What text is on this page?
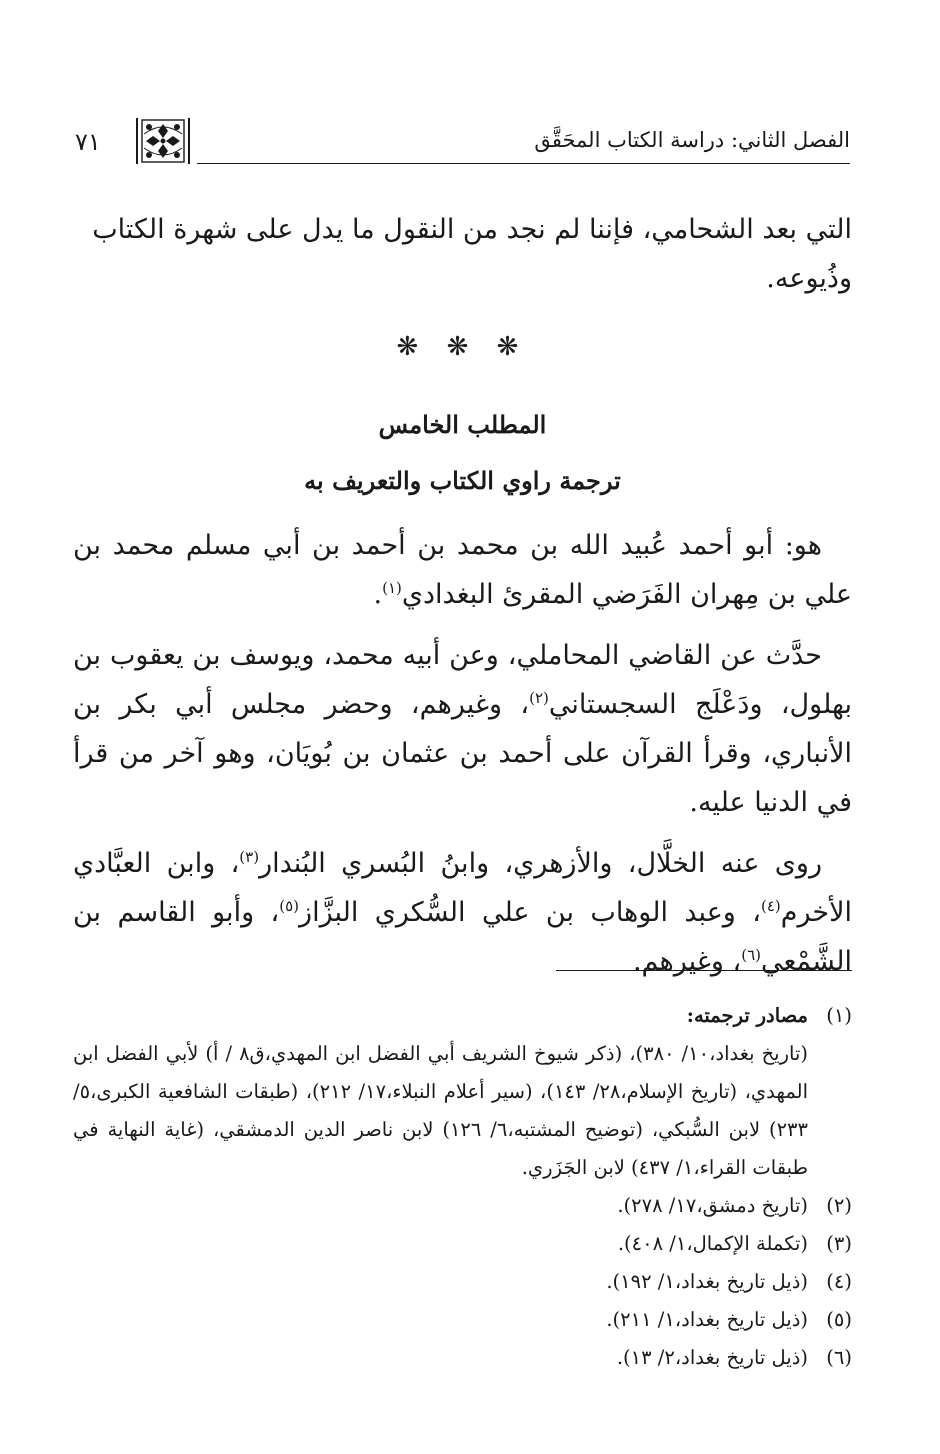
الفصل الثاني: دراسة الكتاب المحَقَّق
٧١

التي بعد الشحامي، فإننا لم نجد من النقول ما يدل على شهرة الكتاب

وذُيوعه.

❋ ❋ ❋

المطلب الخامس

ترجمة راوي الكتاب والتعريف به

هو: أبو أحمد عُبيد الله بن محمد بن أحمد بن أبي مسلم محمد بن علي بن مِهران الفَرَضي المقرئ البغدادي$^{(١)}$.

حدَّث عن القاضي المحاملي، وعن أبيه محمد، ويوسف بن يعقوب بن بهلول، ودَعْلَج السجستاني$^{(٢)}$، وغيرهم، وحضر مجلس أبي بكر بن الأنباري، وقرأ القرآن على أحمد بن عثمان بن بُويَان، وهو آخر من قرأ في الدنيا عليه.

روى عنه الخلَّال، والأزهري، وابنُ البُسري البُندار$^{(٣)}$، وابن العبَّادي الأخرم$^{(٤)}$، وعبد الوهاب بن علي السُّكري البزَّاز$^{(٥)}$، وأبو القاسم بن الشَّمْعي$^{(٦)}$، وغيرهم.

(١)
مصادر ترجمته:
(تاريخ بغداد،١٠/ ٣٨٠)، (ذكر شيوخ الشريف أبي الفضل ابن المهدي،ق٨ / أ) لأبي الفضل ابن المهدي، (تاريخ الإسلام،٢٨/ ١٤٣)، (سير أعلام النبلاء،١٧/ ٢١٢)، (طبقات الشافعية الكبرى،٥/ ٢٣٣) لابن السُّبكي، (توضيح المشتبه،٦/ ١٢٦) لابن ناصر الدين الدمشقي، (غاية النهاية في طبقات القراء،١/ ٤٣٧) لابن الجَزَري.
(٢)
(تاريخ دمشق،١٧/ ٢٧٨).
(٣)
(تكملة الإكمال،١/ ٤٠٨).
(٤)
(ذيل تاريخ بغداد،١/ ١٩٢).
(٥)
(ذيل تاريخ بغداد،١/ ٢١١).
(٦)
(ذيل تاريخ بغداد،٢/ ١٣).
